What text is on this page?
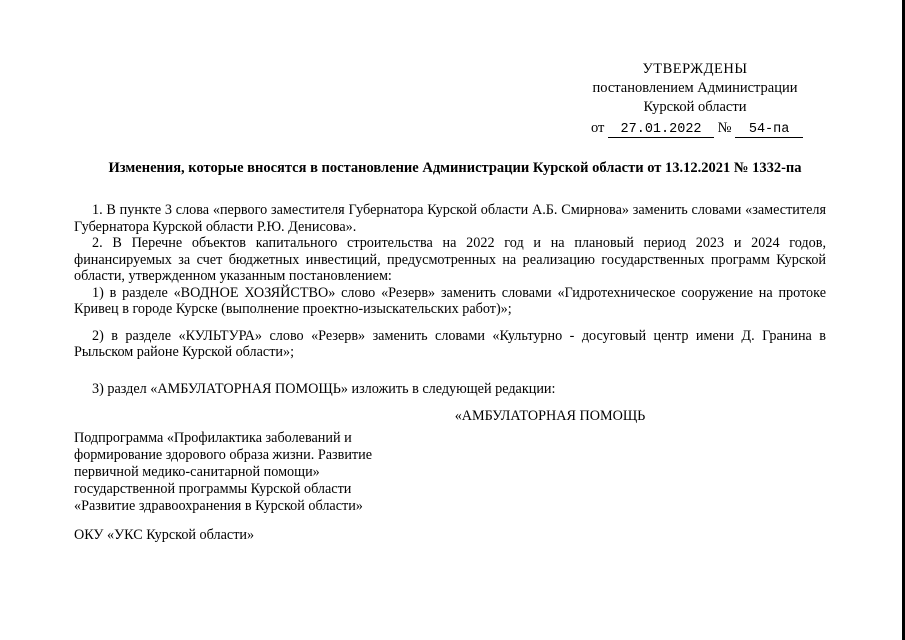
УТВЕРЖДЕНЫ
постановлением Администрации
Курской области
от 27.01.2022 № 54-па
Изменения, которые вносятся в постановление Администрации Курской области от 13.12.2021 № 1332-па

1. В пункте 3 слова «первого заместителя Губернатора Курской области А.Б. Смирнова» заменить словами «заместителя Губернатора Курской области Р.Ю. Денисова».

2. В Перечне объектов капитального строительства на 2022 год и на плановый период 2023 и 2024 годов, финансируемых за счет бюджетных инвестиций, предусмотренных на реализацию государственных программ Курской области, утвержденном указанным постановлением:

1) в разделе «ВОДНОЕ ХОЗЯЙСТВО» слово «Резерв» заменить словами «Гидротехническое сооружение на протоке Кривец в городе Курске (выполнение проектно-изыскательских работ)»;

2) в разделе «КУЛЬТУРА» слово «Резерв» заменить словами «Культурно - досуговый центр имени Д. Гранина в Рыльском районе Курской области»;

3) раздел «АМБУЛАТОРНАЯ ПОМОЩЬ» изложить в следующей редакции:

«АМБУЛАТОРНАЯ ПОМОЩЬ

Подпрограмма «Профилактика заболеваний и
формирование здорового образа жизни. Развитие
первичной медико-санитарной помощи»
государственной программы Курской области
«Развитие здравоохранения в Курской области»
ОКУ «УКС Курской области»
